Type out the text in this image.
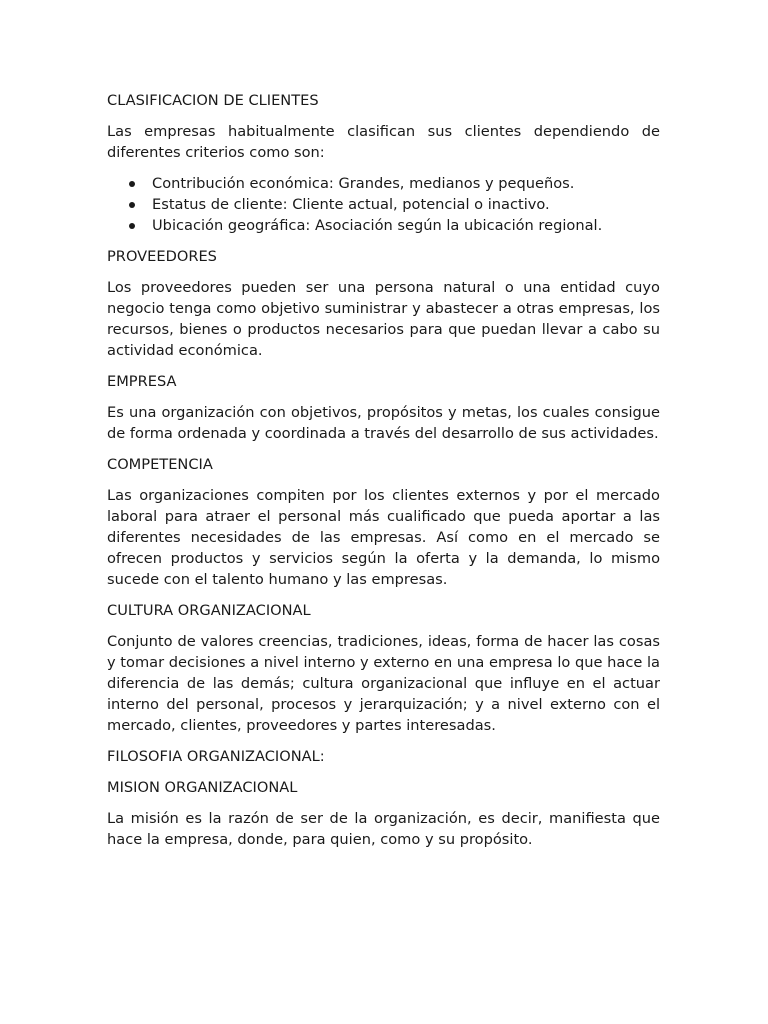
CLASIFICACION DE CLIENTES

Las empresas habitualmente clasifican sus clientes dependiendo de diferentes criterios como son:

Contribución económica: Grandes, medianos y pequeños.
Estatus de cliente: Cliente actual, potencial o inactivo.
Ubicación geográfica: Asociación según la ubicación regional.

PROVEEDORES

Los proveedores pueden ser una persona natural o una entidad cuyo negocio tenga como objetivo suministrar y abastecer a otras empresas, los recursos, bienes o productos necesarios para que puedan llevar a cabo su actividad económica.

EMPRESA

Es una organización con objetivos, propósitos y metas, los cuales consigue de forma ordenada y coordinada a través del desarrollo de sus actividades.

COMPETENCIA

Las organizaciones compiten por los clientes externos y por el mercado laboral para atraer el personal más cualificado que pueda aportar a las diferentes necesidades de las empresas. Así como en el mercado se ofrecen productos y servicios según la oferta y la demanda, lo mismo sucede con el talento humano y las empresas.

CULTURA ORGANIZACIONAL

Conjunto de valores creencias, tradiciones, ideas, forma de hacer las cosas y tomar decisiones a nivel interno y externo en una empresa lo que hace la diferencia de las demás; cultura organizacional que influye en el actuar interno del personal, procesos y jerarquización; y a nivel externo con el mercado, clientes, proveedores y partes interesadas.

FILOSOFIA ORGANIZACIONAL:

MISION ORGANIZACIONAL

La misión es la razón de ser de la organización, es decir, manifiesta que hace la empresa, donde, para quien, como y su propósito.
